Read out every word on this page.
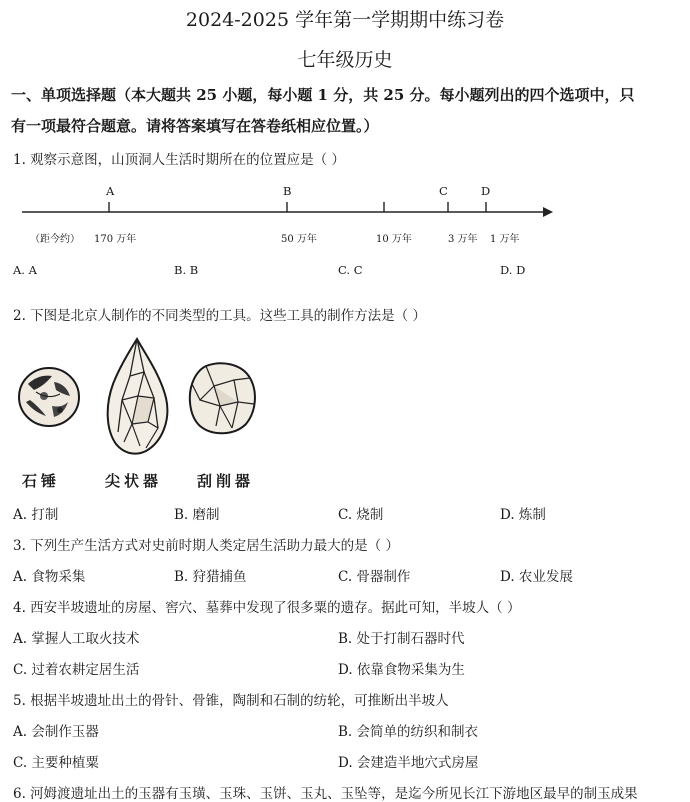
2024-2025 学年第一学期期中练习卷
七年级历史
一、单项选择题（本大题共 25 小题，每小题 1 分，共 25 分。每小题列出的四个选项中，只
有一项最符合题意。请将答案填写在答卷纸相应位置。）
1. 观察示意图，山顶洞人生活时期所在的位置应是（ ）
A	B	C	D
（距今约） 170 万年	50 万年	10 万年	3 万年 1 万年
A. A	B. B	C. C	D. D
2. 下图是北京人制作的不同类型的工具。这些工具的制作方法是（ ）
石锤	尖状器 刮削器
A. 打制	B. 磨制	C. 烧制	D. 炼制
3. 下列生产生活方式对史前时期人类定居生活助力最大的是（ ）
A. 食物采集	B. 狩猎捕鱼	C. 骨器制作	D. 农业发展
4. 西安半坡遗址的房屋、窖穴、墓葬中发现了很多粟的遗存。据此可知，半坡人（ ）
A. 掌握人工取火技术	B. 处于打制石器时代
C. 过着农耕定居生活	D. 依靠食物采集为生
5. 根据半坡遗址出土的骨针、骨锥，陶制和石制的纺轮，可推断出半坡人
A. 会制作玉器	B. 会简单的纺织和制衣
C. 主要种植粟	D. 会建造半地穴式房屋
6. 河姆渡遗址出土的玉器有玉璜、玉珠、玉饼、玉丸、玉坠等，是迄今所见长江下游地区最早的制玉成果
